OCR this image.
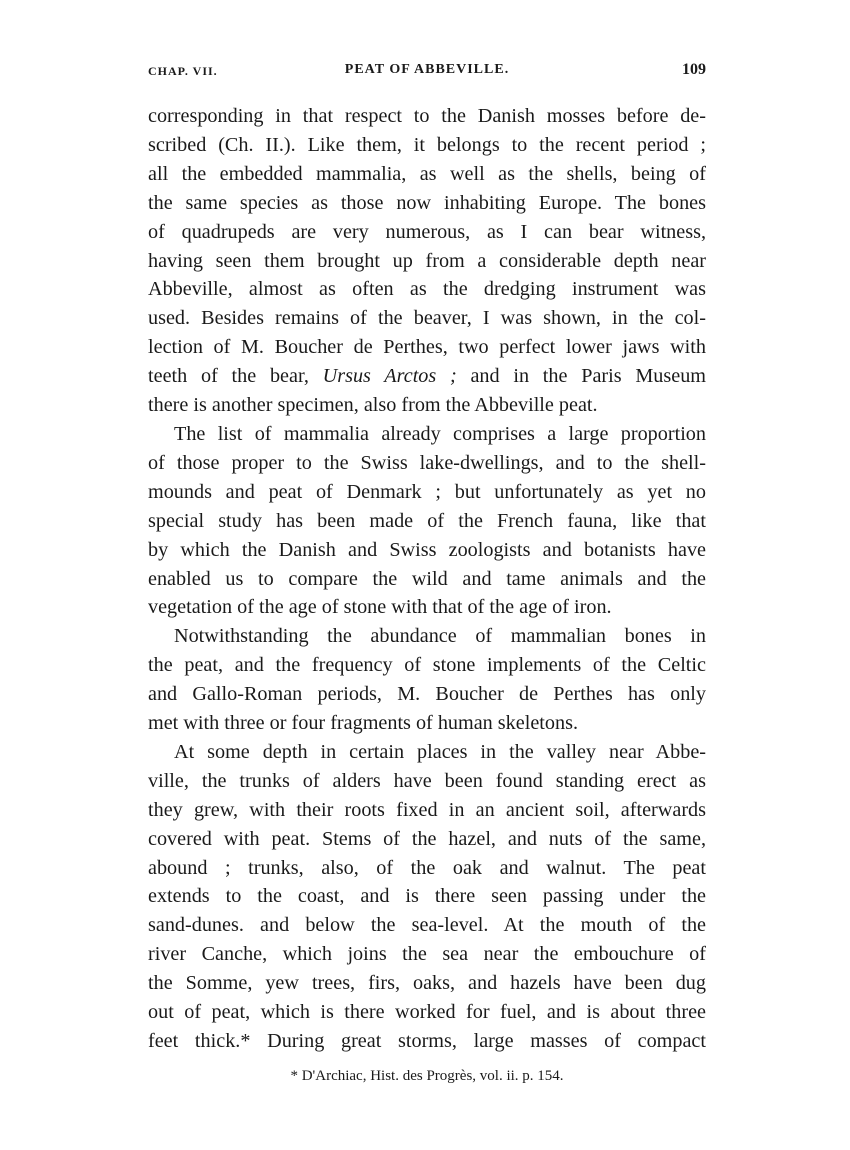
CHAP. VII.	PEAT OF ABBEVILLE.	109

corresponding in that respect to the Danish mosses before de-
scribed (Ch. II.). Like them, it belongs to the recent period ;
all the embedded mammalia, as well as the shells, being of
the same species as those now inhabiting Europe. The bones
of quadrupeds are very numerous, as I can bear witness,
having seen them brought up from a considerable depth near
Abbeville, almost as often as the dredging instrument was
used. Besides remains of the beaver, I was shown, in the col-
lection of M. Boucher de Perthes, two perfect lower jaws with
teeth of the bear, Ursus Arctos ; and in the Paris Museum
there is another specimen, also from the Abbeville peat.

The list of mammalia already comprises a large proportion
of those proper to the Swiss lake-dwellings, and to the shell-
mounds and peat of Denmark ; but unfortunately as yet no
special study has been made of the French fauna, like that
by which the Danish and Swiss zoologists and botanists have
enabled us to compare the wild and tame animals and the
vegetation of the age of stone with that of the age of iron.

Notwithstanding the abundance of mammalian bones in
the peat, and the frequency of stone implements of the Celtic
and Gallo-Roman periods, M. Boucher de Perthes has only
met with three or four fragments of human skeletons.

At some depth in certain places in the valley near Abbe-
ville, the trunks of alders have been found standing erect as
they grew, with their roots fixed in an ancient soil, afterwards
covered with peat. Stems of the hazel, and nuts of the same,
abound ; trunks, also, of the oak and walnut. The peat
extends to the coast, and is there seen passing under the
sand-dunes. and below the sea-level. At the mouth of the
river Canche, which joins the sea near the embouchure of
the Somme, yew trees, firs, oaks, and hazels have been dug
out of peat, which is there worked for fuel, and is about three
feet thick.* During great storms, large masses of compact

* D'Archiac, Hist. des Progrès, vol. ii. p. 154.
